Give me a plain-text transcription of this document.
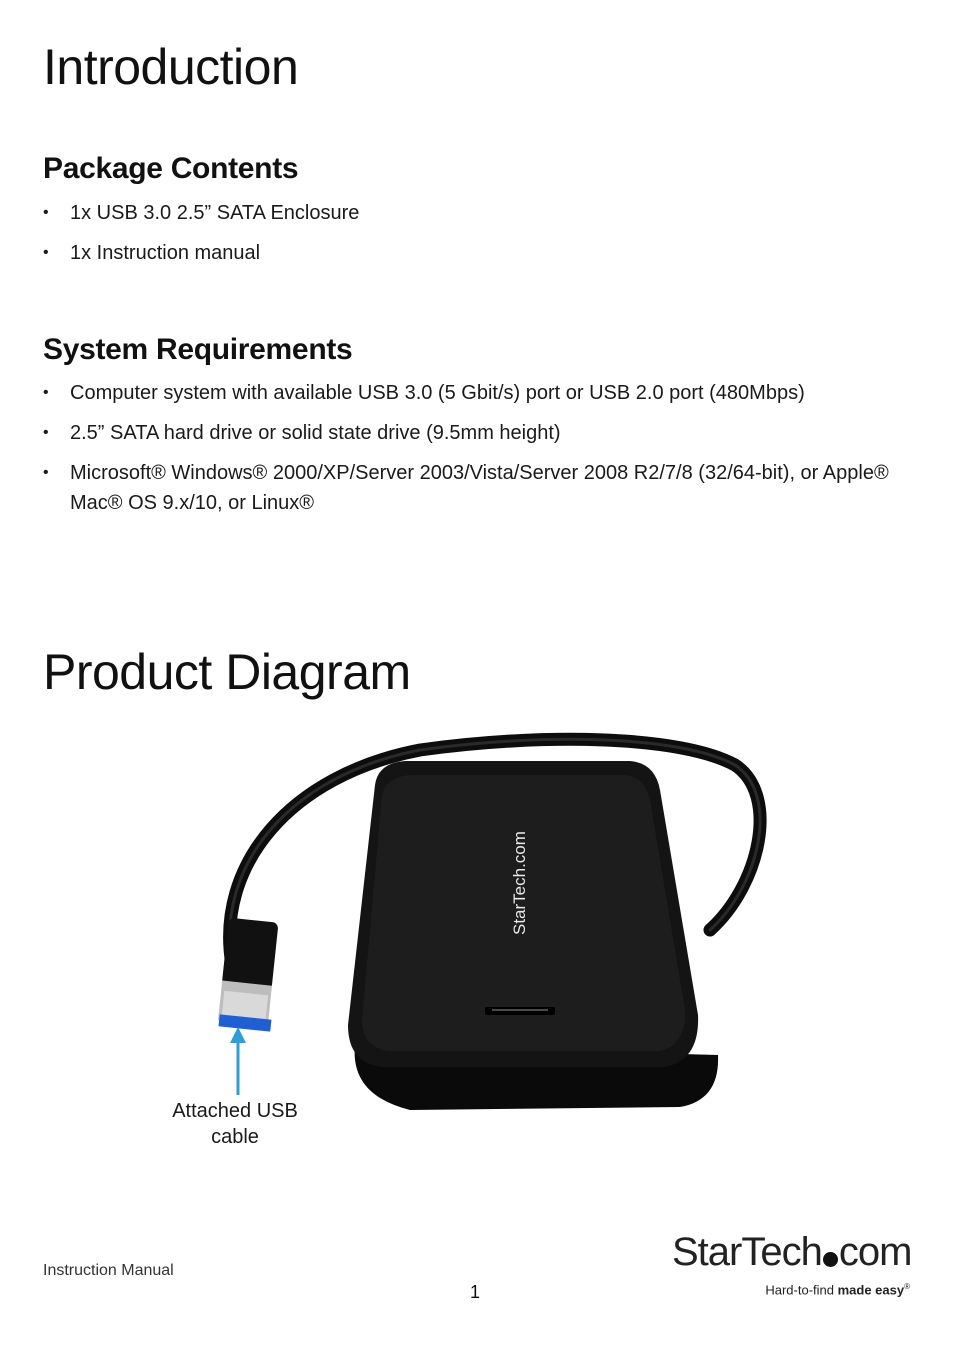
Introduction
Package Contents
• 1x USB 3.0 2.5” SATA Enclosure
• 1x Instruction manual
System Requirements
• Computer system with available USB 3.0 (5 Gbit/s) port or USB 2.0 port (480Mbps)
• 2.5” SATA hard drive or solid state drive (9.5mm height)
• Microsoft® Windows® 2000/XP/Server 2003/Vista/Server 2008 R2/7/8 (32/64-bit), or Apple® Mac® OS 9.x/10, or Linux®
Product Diagram
StarTech.com
Attached USB cable
Instruction Manual
1
StarTech com
Hard-to-find made easy®
